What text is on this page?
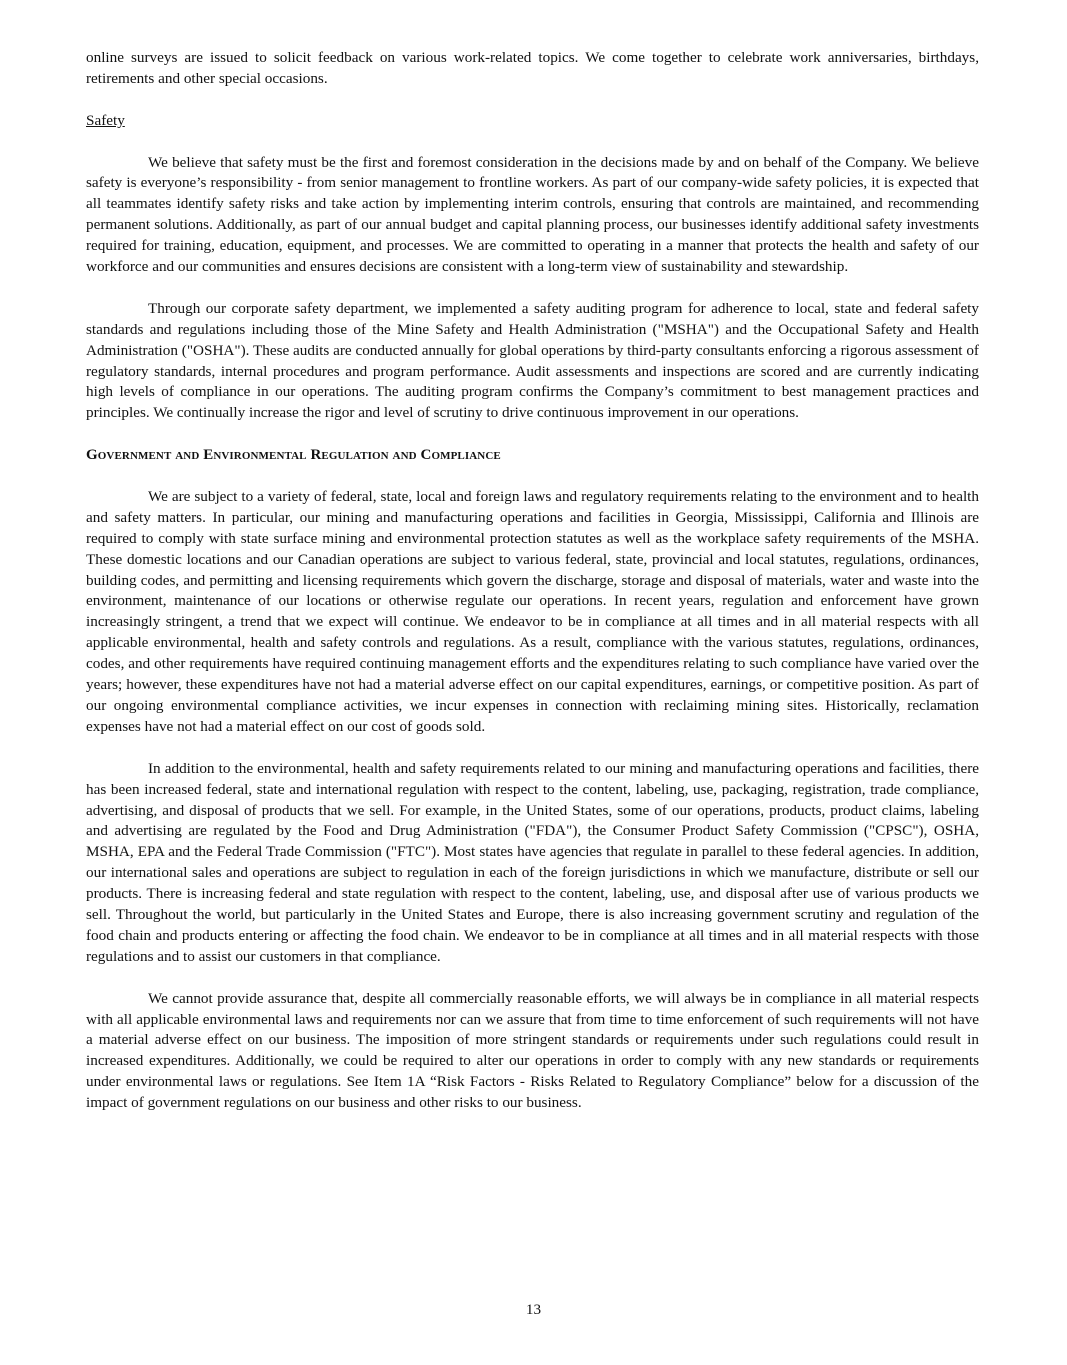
online surveys are issued to solicit feedback on various work-related topics. We come together to celebrate work anniversaries, birthdays, retirements and other special occasions.

Safety

We believe that safety must be the first and foremost consideration in the decisions made by and on behalf of the Company. We believe safety is everyone’s responsibility - from senior management to frontline workers. As part of our company-wide safety policies, it is expected that all teammates identify safety risks and take action by implementing interim controls, ensuring that controls are maintained, and recommending permanent solutions. Additionally, as part of our annual budget and capital planning process, our businesses identify additional safety investments required for training, education, equipment, and processes. We are committed to operating in a manner that protects the health and safety of our workforce and our communities and ensures decisions are consistent with a long-term view of sustainability and stewardship.

Through our corporate safety department, we implemented a safety auditing program for adherence to local, state and federal safety standards and regulations including those of the Mine Safety and Health Administration ("MSHA") and the Occupational Safety and Health Administration ("OSHA"). These audits are conducted annually for global operations by third-party consultants enforcing a rigorous assessment of regulatory standards, internal procedures and program performance. Audit assessments and inspections are scored and are currently indicating high levels of compliance in our operations. The auditing program confirms the Company’s commitment to best management practices and principles. We continually increase the rigor and level of scrutiny to drive continuous improvement in our operations.

Government and Environmental Regulation and Compliance

We are subject to a variety of federal, state, local and foreign laws and regulatory requirements relating to the environment and to health and safety matters. In particular, our mining and manufacturing operations and facilities in Georgia, Mississippi, California and Illinois are required to comply with state surface mining and environmental protection statutes as well as the workplace safety requirements of the MSHA. These domestic locations and our Canadian operations are subject to various federal, state, provincial and local statutes, regulations, ordinances, building codes, and permitting and licensing requirements which govern the discharge, storage and disposal of materials, water and waste into the environment, maintenance of our locations or otherwise regulate our operations. In recent years, regulation and enforcement have grown increasingly stringent, a trend that we expect will continue. We endeavor to be in compliance at all times and in all material respects with all applicable environmental, health and safety controls and regulations. As a result, compliance with the various statutes, regulations, ordinances, codes, and other requirements have required continuing management efforts and the expenditures relating to such compliance have varied over the years; however, these expenditures have not had a material adverse effect on our capital expenditures, earnings, or competitive position. As part of our ongoing environmental compliance activities, we incur expenses in connection with reclaiming mining sites. Historically, reclamation expenses have not had a material effect on our cost of goods sold.

In addition to the environmental, health and safety requirements related to our mining and manufacturing operations and facilities, there has been increased federal, state and international regulation with respect to the content, labeling, use, packaging, registration, trade compliance, advertising, and disposal of products that we sell. For example, in the United States, some of our operations, products, product claims, labeling and advertising are regulated by the Food and Drug Administration ("FDA"), the Consumer Product Safety Commission ("CPSC"), OSHA, MSHA, EPA and the Federal Trade Commission ("FTC"). Most states have agencies that regulate in parallel to these federal agencies. In addition, our international sales and operations are subject to regulation in each of the foreign jurisdictions in which we manufacture, distribute or sell our products. There is increasing federal and state regulation with respect to the content, labeling, use, and disposal after use of various products we sell. Throughout the world, but particularly in the United States and Europe, there is also increasing government scrutiny and regulation of the food chain and products entering or affecting the food chain. We endeavor to be in compliance at all times and in all material respects with those regulations and to assist our customers in that compliance.

We cannot provide assurance that, despite all commercially reasonable efforts, we will always be in compliance in all material respects with all applicable environmental laws and requirements nor can we assure that from time to time enforcement of such requirements will not have a material adverse effect on our business. The imposition of more stringent standards or requirements under such regulations could result in increased expenditures. Additionally, we could be required to alter our operations in order to comply with any new standards or requirements under environmental laws or regulations. See Item 1A “Risk Factors - Risks Related to Regulatory Compliance” below for a discussion of the impact of government regulations on our business and other risks to our business.

13
